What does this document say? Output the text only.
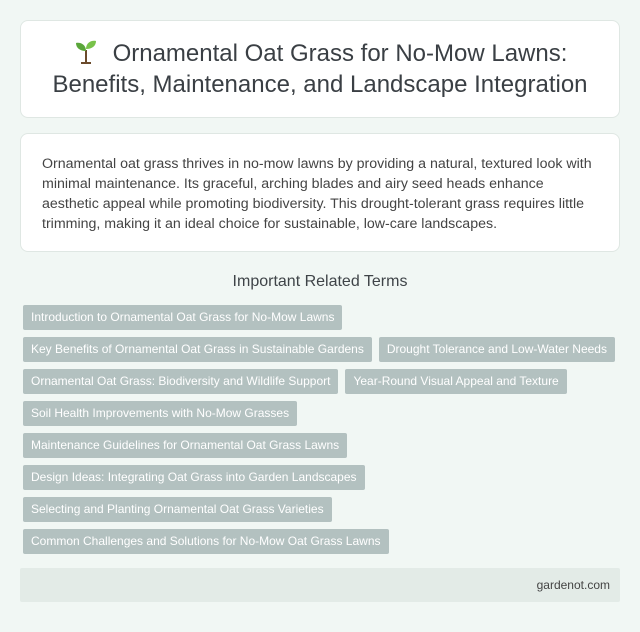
Ornamental Oat Grass for No-Mow Lawns: Benefits, Maintenance, and Landscape Integration

Ornamental oat grass thrives in no-mow lawns by providing a natural, textured look with minimal maintenance. Its graceful, arching blades and airy seed heads enhance aesthetic appeal while promoting biodiversity. This drought-tolerant grass requires little trimming, making it an ideal choice for sustainable, low-care landscapes.

Important Related Terms
Introduction to Ornamental Oat Grass for No-Mow Lawns
Key Benefits of Ornamental Oat Grass in Sustainable Gardens	Drought Tolerance and Low-Water Needs
Ornamental Oat Grass: Biodiversity and Wildlife Support	Year-Round Visual Appeal and Texture
Soil Health Improvements with No-Mow Grasses
Maintenance Guidelines for Ornamental Oat Grass Lawns
Design Ideas: Integrating Oat Grass into Garden Landscapes
Selecting and Planting Ornamental Oat Grass Varieties
Common Challenges and Solutions for No-Mow Oat Grass Lawns
gardenot.com
